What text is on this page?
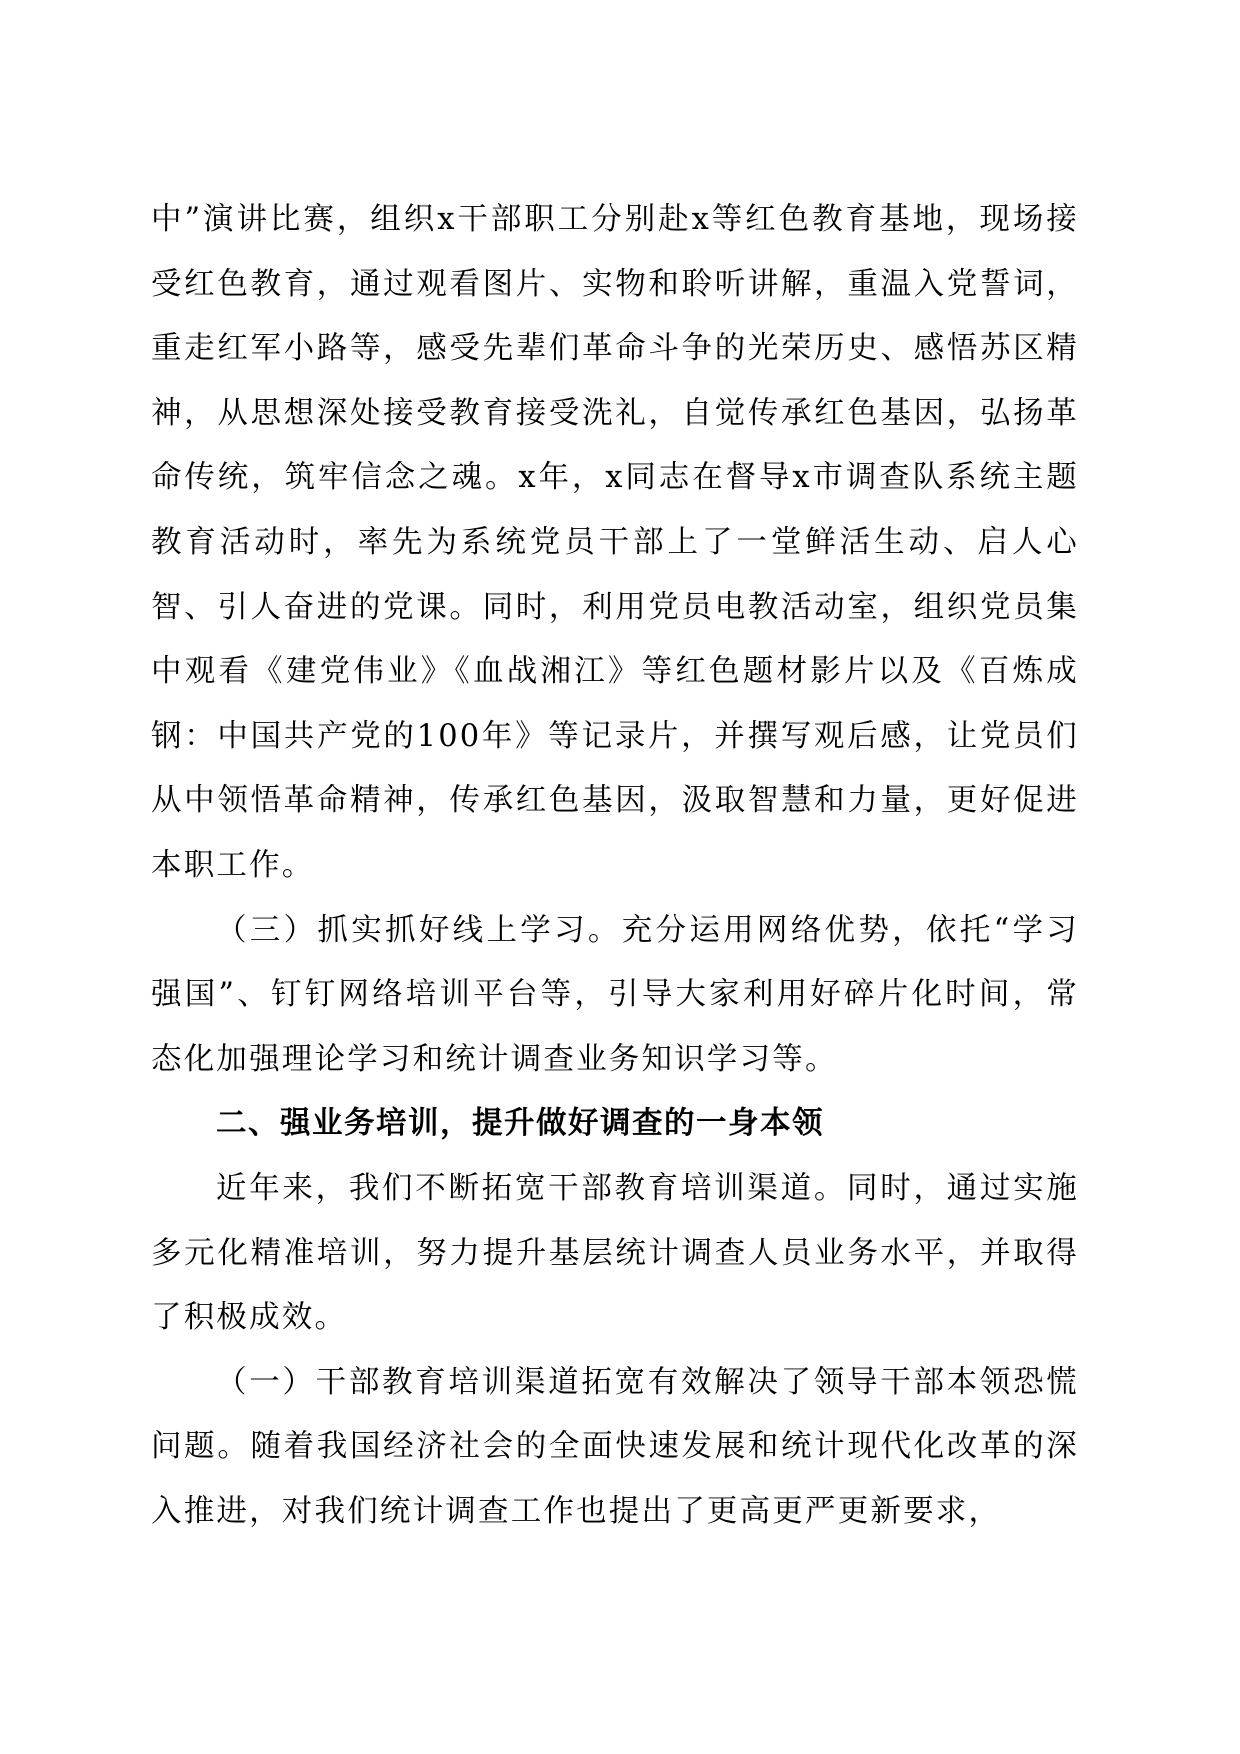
中”演讲比赛，组织x干部职工分别赴x等红色教育基地，现场接受红色教育，通过观看图片、实物和聆听讲解，重温入党誓词，重走红军小路等，感受先辈们革命斗争的光荣历史、感悟苏区精神，从思想深处接受教育接受洗礼，自觉传承红色基因，弘扬革命传统，筑牢信念之魂。x年，x同志在督导x市调查队系统主题教育活动时，率先为系统党员干部上了一堂鲜活生动、启人心智、引人奋进的党课。同时，利用党员电教活动室，组织党员集中观看《建党伟业》《血战湘江》等红色题材影片以及《百炼成钢：中国共产党的100年》等记录片，并撰写观后感，让党员们从中领悟革命精神，传承红色基因，汲取智慧和力量，更好促进本职工作。

（三）抓实抓好线上学习。充分运用网络优势，依托“学习强国”、钉钉网络培训平台等，引导大家利用好碎片化时间，常态化加强理论学习和统计调查业务知识学习等。

二、强业务培训，提升做好调查的一身本领

近年来，我们不断拓宽干部教育培训渠道。同时，通过实施多元化精准培训，努力提升基层统计调查人员业务水平，并取得了积极成效。

（一）干部教育培训渠道拓宽有效解决了领导干部本领恐慌问题。随着我国经济社会的全面快速发展和统计现代化改革的深入推进，对我们统计调查工作也提出了更高更严更新要求，
